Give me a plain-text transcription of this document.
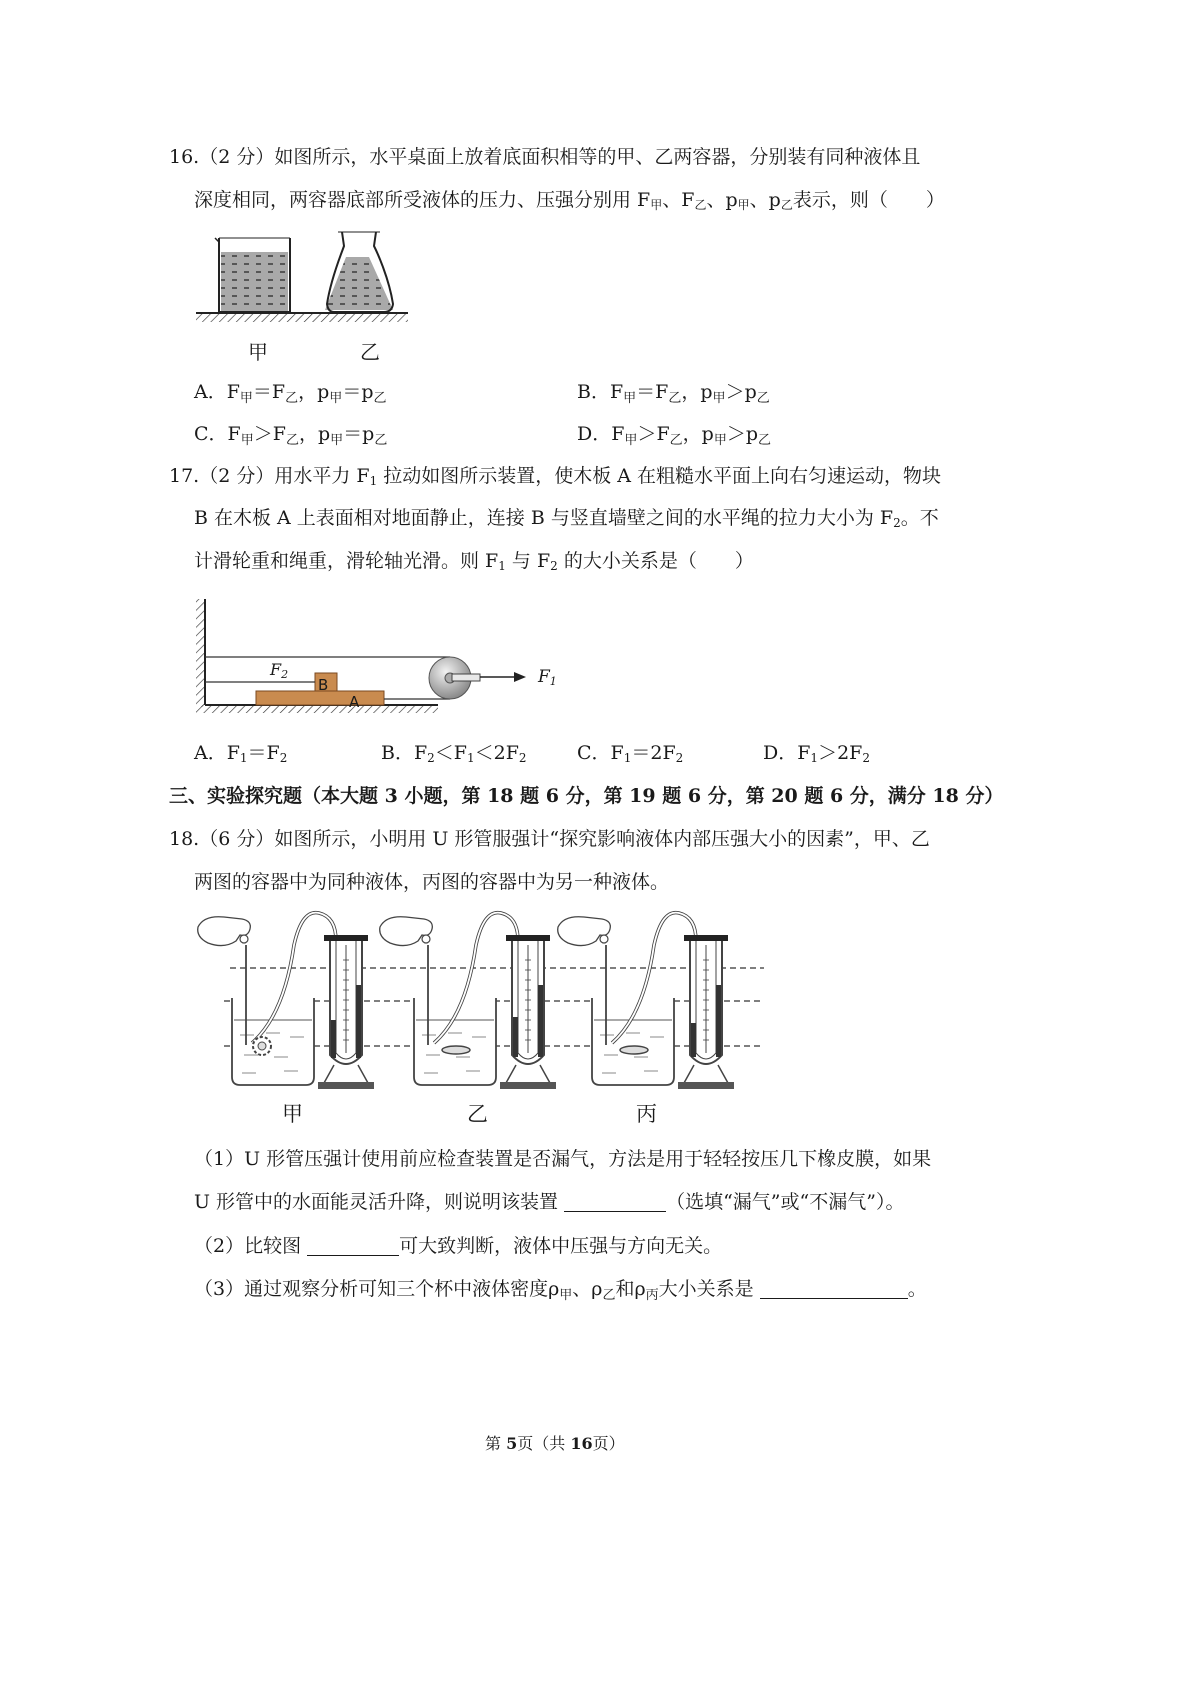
16.（2 分）如图所示，水平桌面上放着底面积相等的甲、乙两容器，分别装有同种液体且
深度相同，两容器底部所受液体的压力、压强分别用 $F_甲$、$F_乙$、$p_甲$、$p_乙$表示，则（　　）
甲	乙
A．$F_甲=F_乙$，$p_甲=p_乙$	B．$F_甲=F_乙$，$p_甲>p_乙$
C．$F_甲>F_乙$，$p_甲=p_乙$	D．$F_甲>F_乙$，$p_甲>p_乙$
17.（2 分）用水平力 $F_1$ 拉动如图所示装置，使木板 A 在粗糙水平面上向右匀速运动，物块
B 在木板 A 上表面相对地面静止，连接 B 与竖直墙壁之间的水平绳的拉力大小为 $F_2$。不
计滑轮重和绳重，滑轮轴光滑。则 $F_1$ 与 $F_2$ 的大小关系是（　　）
F2
B
A
F1
A．$F_1=F_2$	B．$F_2<F_1<2F_2$	C．$F_1=2F_2$	D．$F_1>2F_2$
三、实验探究题（本大题 3 小题，第 18 题 6 分，第 19 题 6 分，第 20 题 6 分，满分 18 分）
18.（6 分）如图所示，小明用 U 形管服强计“探究影响液体内部压强大小的因素”，甲、乙
两图的容器中为同种液体，丙图的容器中为另一种液体。
甲	乙	丙
（1）U 形管压强计使用前应检查装置是否漏气，方法是用于轻轻按压几下橡皮膜，如果
U 形管中的水面能灵活升降，则说明该装置	（选填“漏气”或“不漏气”）。
（2）比较图	可大致判断，液体中压强与方向无关。
（3）通过观察分析可知三个杯中液体密度$\rho_甲$、$\rho_乙$和$\rho_丙$大小关系是	。
第 5页（共 16页）
